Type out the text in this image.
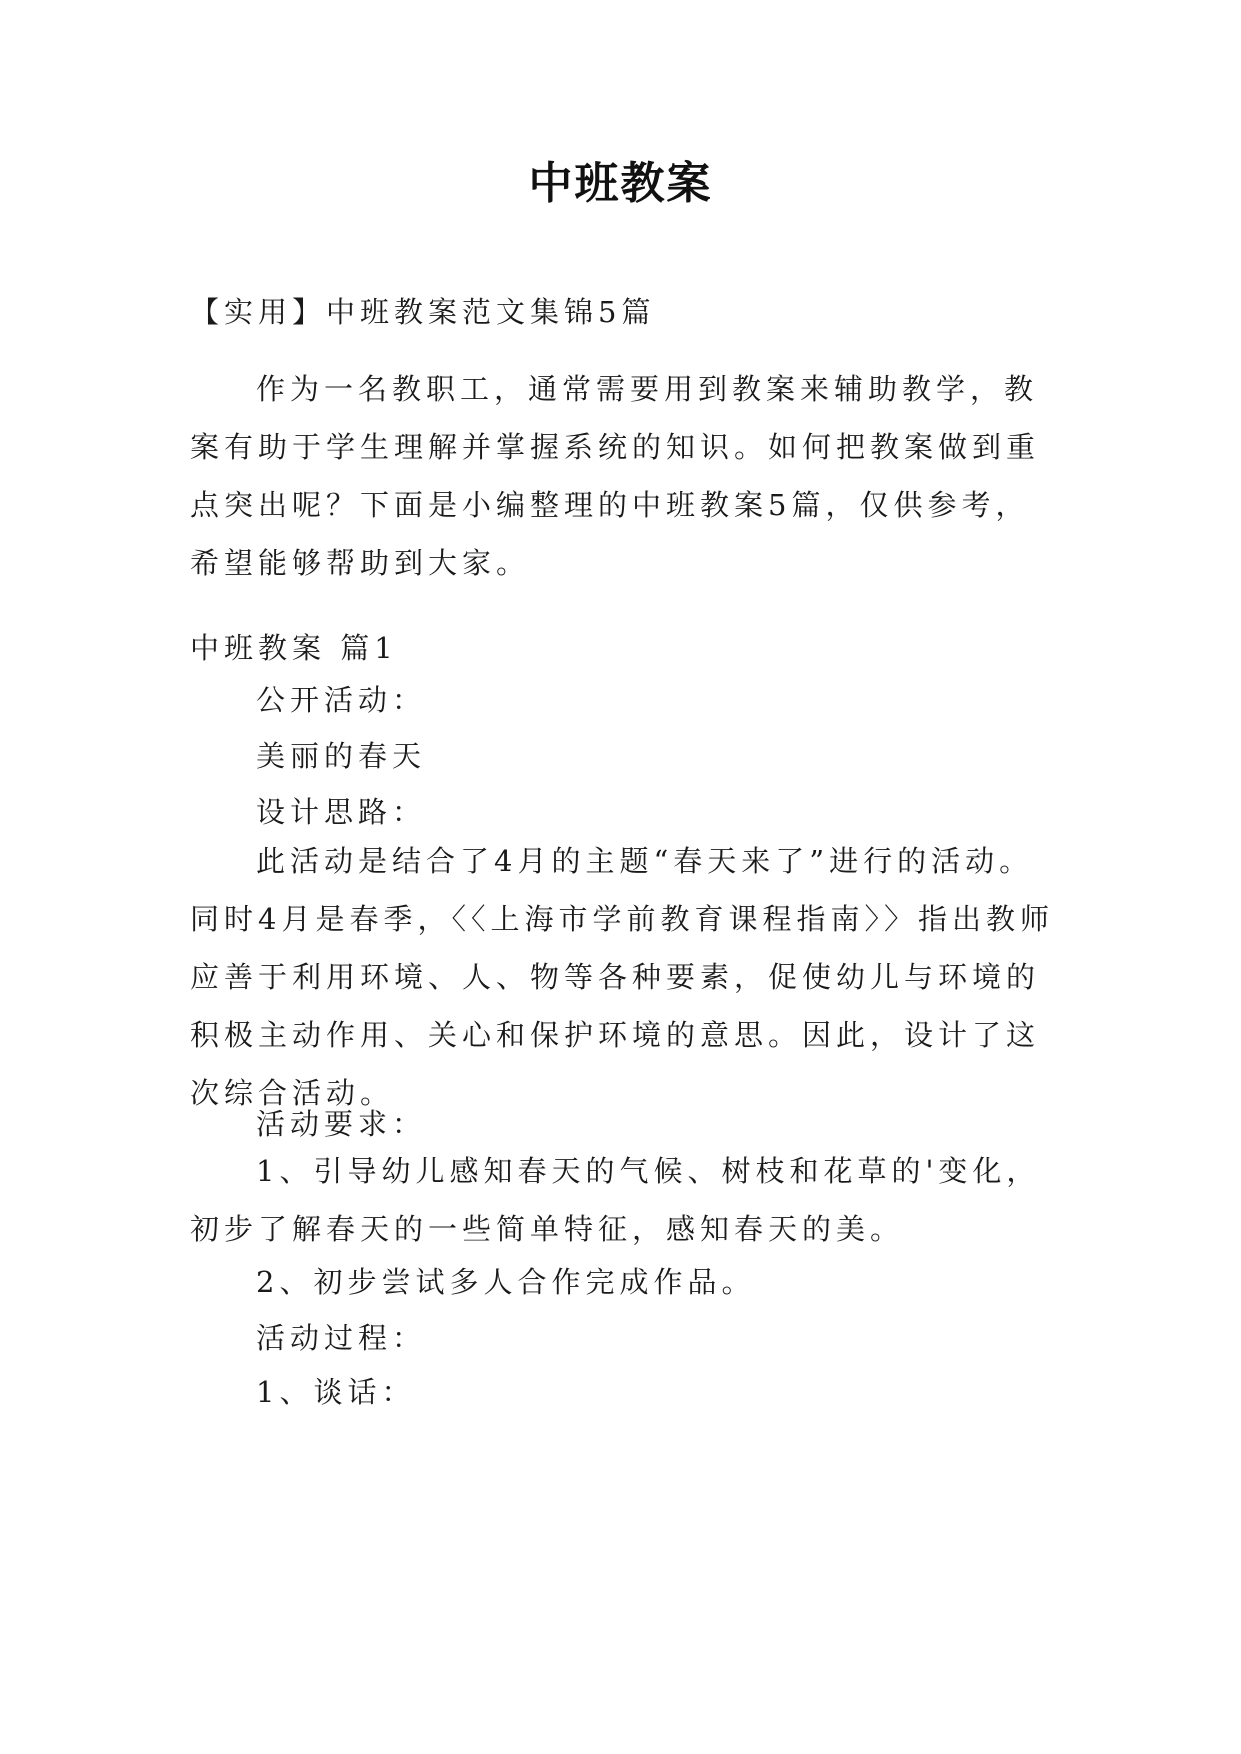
中班教案
【实用】中班教案范文集锦5篇

作为一名教职工，通常需要用到教案来辅助教学，教案有助于学生理解并掌握系统的知识。如何把教案做到重点突出呢？下面是小编整理的中班教案5篇，仅供参考，希望能够帮助到大家。

中班教案 篇1
公开活动：
美丽的春天
设计思路：

此活动是结合了4月的主题“春天来了”进行的活动。同时4月是春季，〈〈上海市学前教育课程指南〉〉指出教师应善于利用环境、人、物等各种要素，促使幼儿与环境的积极主动作用、关心和保护环境的意思。因此，设计了这次综合活动。

活动要求：

1、引导幼儿感知春天的气候、树枝和花草的'变化，初步了解春天的一些简单特征，感知春天的美。

2、初步尝试多人合作完成作品。
活动过程：
1、谈话：
